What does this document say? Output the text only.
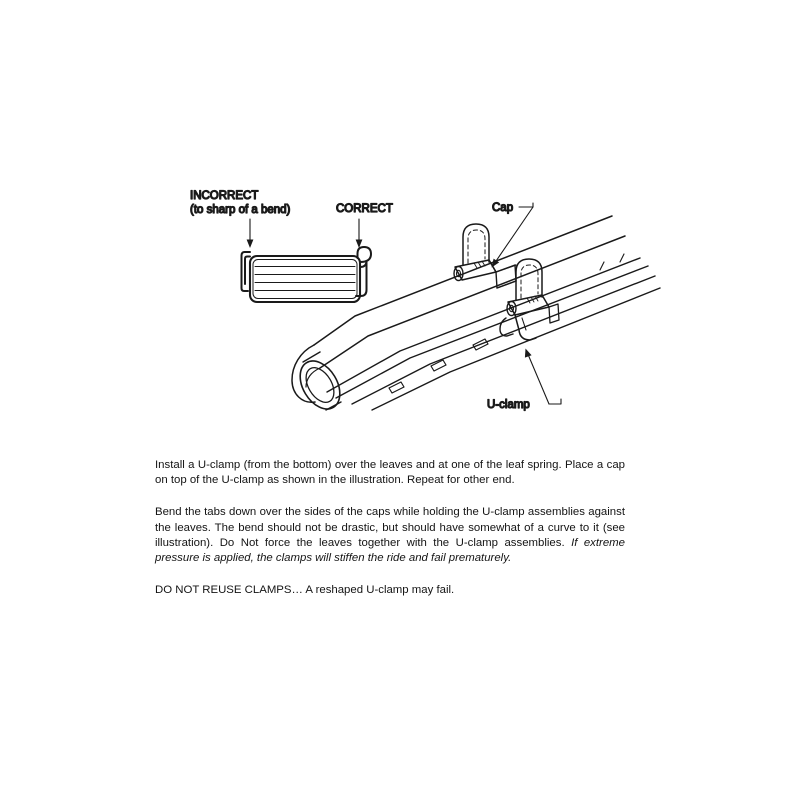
INCORRECT
(to sharp of a bend)	CORRECT	Cap
U-clamp

Install a U-clamp (from the bottom) over the leaves and at one of the leaf spring. Place a cap on top of the U-clamp as shown in the illustration. Repeat for other end.

Bend the tabs down over the sides of the caps while holding the U-clamp assemblies against the leaves. The bend should not be drastic, but should have somewhat of a curve to it (see illustration). Do Not force the leaves together with the U-clamp assemblies. If extreme pressure is applied, the clamps will stiffen the ride and fail prematurely.

DO NOT REUSE CLAMPS… A reshaped U-clamp may fail.
